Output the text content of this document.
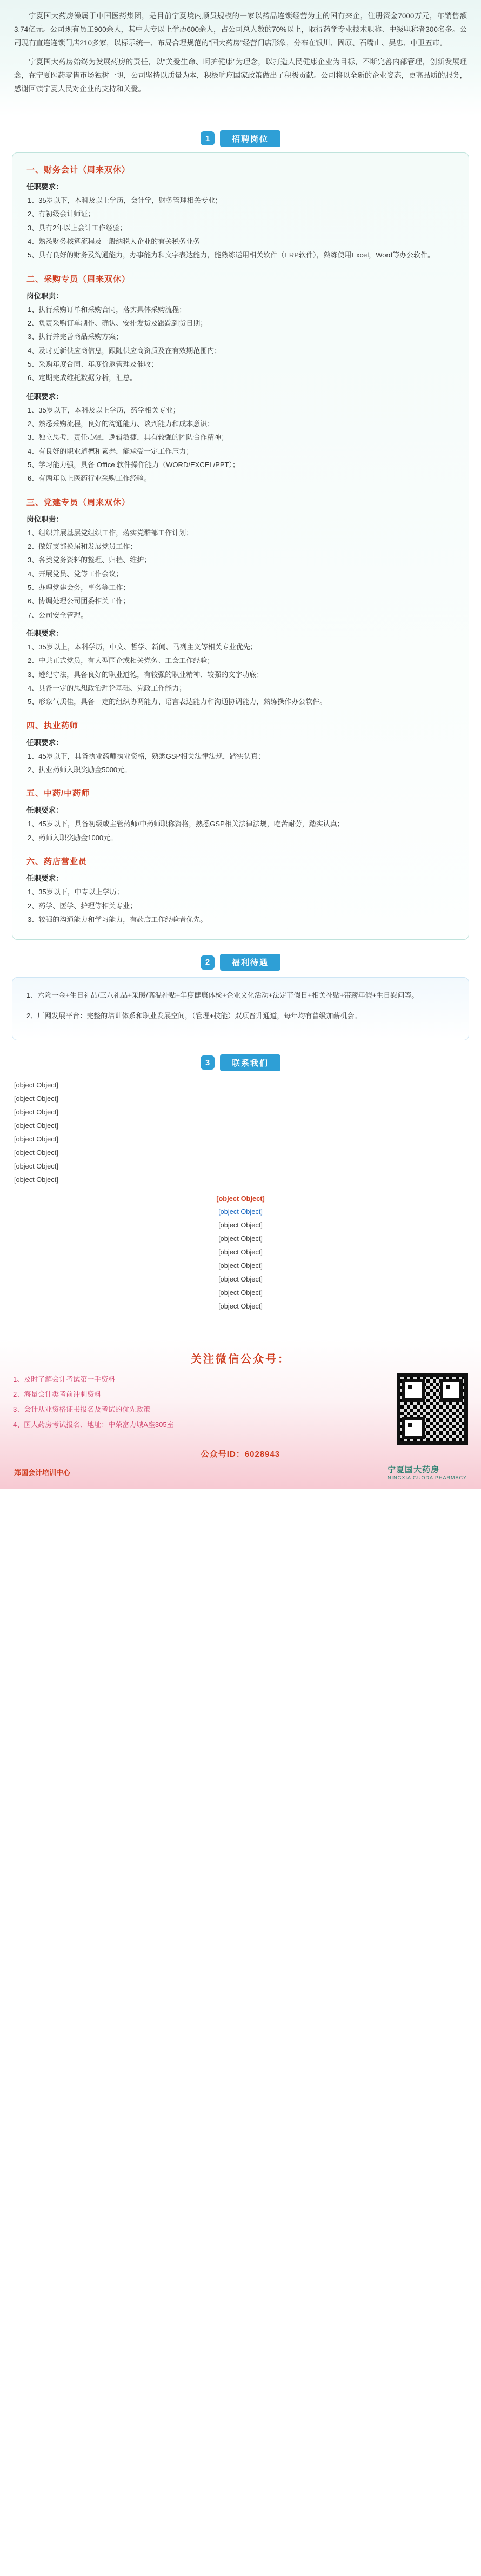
宁夏国大药房澡属于中国医药集团，是目前宁夏境内顺员规模的一家以药品连锁经营为主的国有来企，注册资金7000万元，年销售额3.74亿元。公司现有员工900余人，其中大专以上学历600余人，占公司总人数的70%以上，取得药学专业技术职称、中级职称者300名多。公司现有直连连锁门店210多家，以标示统一、布局合理规范的“国大药房”经营门店形象，分布在银川、固原、石嘴山、吴忠、中卫五市。

宁夏国大药房始终为发展药房的责任，以“关爱生命、呵护健康”为理念，以打造人民健康企业为目标，不断完善内部管理，创新发展理念，在宁夏医药零售市场独树一帜，公司坚持以质量为本，积极响应国家政策做出了积极贡献。公司将以全新的企业姿态，更高品质的服务，感谢回馈宁夏人民对企业的支持和关爱。

1	招聘岗位
一、财务会计（周来双休）
任职要求：

1、35岁以下，本科及以上学历，会计学，财务管理相关专业；

2、有初级会计师证；

3、具有2年以上会计工作经验；

4、熟悉财务核算流程及一般纳税人企业的有关税务业务

5、具有良好的财务及沟通能力，办事能力和文字表达能力，能熟练运用相关软件（ERP软件），熟练使用Excel，Word等办公软件。

二、采购专员（周来双休）
岗位职责：

1、执行采购订单和采购合同，落实具体采购流程；

2、负责采购订单制作、确认、安排发货及跟踪到货日期；

3、执行并完善商品采购方案；

4、及时更新供应商信息，跟随供应商资质及在有效期范围内；

5、采购年度合同、年度价返管理及催收；

6、定期完成维托数据分析，汇总。

任职要求：

1、35岁以下，本科及以上学历，药学相关专业；

2、熟悉采购流程，良好的沟通能力、谈判能力和成本意识；

3、独立思考，责任心强，逻辑敏捷，具有较强的团队合作精神；

4、有良好的职业道德和素养，能承受一定工作压力；

5、学习能力强，具备 Office 软件操作能力（WORD/EXCEL/PPT）；

6、有两年以上医药行业采购工作经验。

三、党建专员（周来双休）
岗位职责：

1、组织并展基层党组织工作，落实党群部工作计划；

2、做好支部换届和发展党员工作；

3、各类党务资料的整理、归档、维护；

4、开展党员、党等工作会议；

5、办理党建会务，事务等工作；

6、协调处理公司团委相关工作；

7、公司安全管理。

任职要求：

1、35岁以上，本科学历，中文、哲学、新闻、马列主义等相关专业优先；

2、中共正式党员，有大型国企或相关党务、工会工作经验；

3、遵纪守法，具备良好的职业道德，有较强的职业精神、较强的文字功底；

4、具备一定的思想政治理论基础、党政工作能力；

5、形象气质佳，具备一定的组织协调能力、语言表达能力和沟通协调能力，熟练操作办公软件。

四、执业药师
任职要求：

1、45岁以下，具备执业药师执业资格，熟悉GSP相关法律法规，踏实认真；

2、执业药师入职奖励金5000元。

五、中药/中药师
任职要求：

1、45岁以下，具备初级或主管药师/中药师职称资格，熟悉GSP相关法律法规，吃苦耐劳，踏实认真；

2、药师入职奖励金1000元。

六、药店营业员
任职要求：

1、35岁以下，中专以上学历；

2、药学、医学、护理等相关专业；

3、较强的沟通能力和学习能力，有药店工作经验者优先。

2	福利待遇

1、六险一金+生日礼品/三八礼品+采暖/高温补贴+年度健康体检+企业文化活动+法定节假日+相关补贴+带薪年假+生日慰问等。

2、厂网发展平台：完整的培训体系和职业发展空间，（管理+技能）双项晋升通道，每年均有普级加薪机会。

3	联系我们

[object Object]

[object Object]

[object Object]

[object Object]

[object Object]

[object Object]

[object Object]

[object Object]

[object Object]

[object Object]

[object Object]

[object Object]

[object Object]

[object Object]

[object Object]

[object Object]

[object Object]

关注微信公众号：
1、及时了解会计考试第一手资料
2、海量会计类考前冲刺资料
3、会计从业资格证书报名及考试的优先政策
4、国大药房考试报名、地址：中荣富力城A座305室
公众号ID：6028943
郑国会计培训中心	宁夏国大药房
NINGXIA GUODA PHARMACY
